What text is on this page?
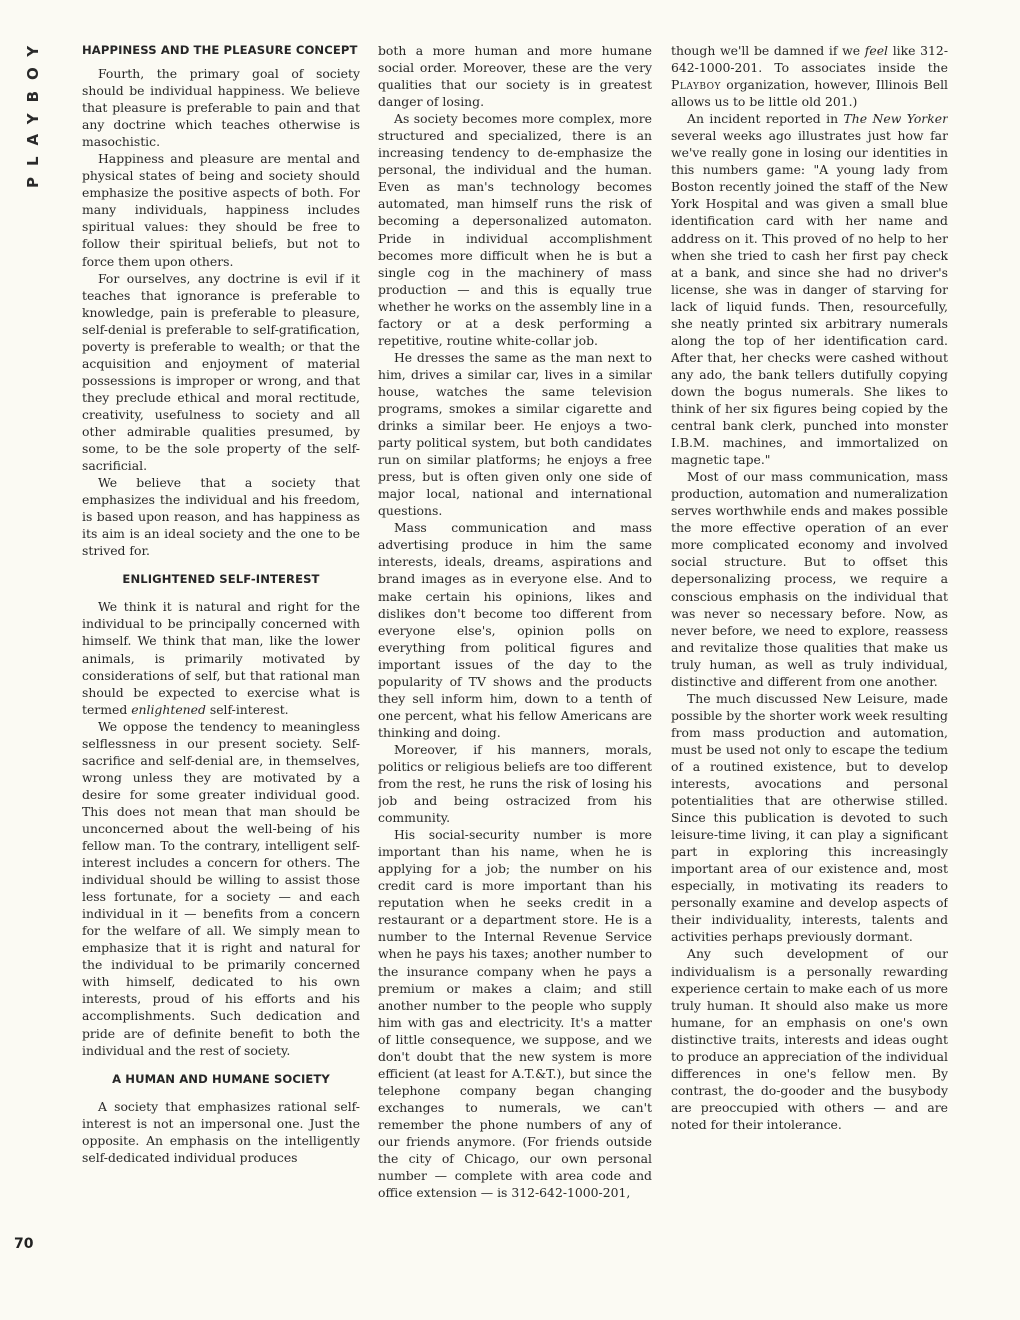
PLAYBOY
70
HAPPINESS AND THE PLEASURE CONCEPT

Fourth, the primary goal of society should be individual happiness. We believe that pleasure is preferable to pain and that any doctrine which teaches otherwise is masochistic.

Happiness and pleasure are mental and physical states of being and society should emphasize the positive aspects of both. For many individuals, happiness includes spiritual values: they should be free to follow their spiritual beliefs, but not to force them upon others.

For ourselves, any doctrine is evil if it teaches that ignorance is preferable to knowledge, pain is preferable to pleasure, self-denial is preferable to self-gratification, poverty is preferable to wealth; or that the acquisition and enjoyment of material possessions is improper or wrong, and that they preclude ethical and moral rectitude, creativity, usefulness to society and all other admirable qualities presumed, by some, to be the sole property of the self-sacrificial.

We believe that a society that emphasizes the individual and his freedom, is based upon reason, and has happiness as its aim is an ideal society and the one to be strived for.

ENLIGHTENED SELF-INTEREST

We think it is natural and right for the individual to be principally concerned with himself. We think that man, like the lower animals, is primarily motivated by considerations of self, but that rational man should be expected to exercise what is termed enlightened self-interest.

We oppose the tendency to meaningless selflessness in our present society. Self-sacrifice and self-denial are, in themselves, wrong unless they are motivated by a desire for some greater individual good. This does not mean that man should be unconcerned about the well-being of his fellow man. To the contrary, intelligent self-interest includes a concern for others. The individual should be willing to assist those less fortunate, for a society — and each individual in it — benefits from a concern for the welfare of all. We simply mean to emphasize that it is right and natural for the individual to be primarily concerned with himself, dedicated to his own interests, proud of his efforts and his accomplishments. Such dedication and pride are of definite benefit to both the individual and the rest of society.

A HUMAN AND HUMANE SOCIETY

A society that emphasizes rational self-interest is not an impersonal one. Just the opposite. An emphasis on the intelligently self-dedicated individual produces

both a more human and more humane social order. Moreover, these are the very qualities that our society is in greatest danger of losing.

As society becomes more complex, more structured and specialized, there is an increasing tendency to de-emphasize the personal, the individual and the human. Even as man's technology becomes automated, man himself runs the risk of becoming a depersonalized automaton. Pride in individual accomplishment becomes more difficult when he is but a single cog in the machinery of mass production — and this is equally true whether he works on the assembly line in a factory or at a desk performing a repetitive, routine white-collar job.

He dresses the same as the man next to him, drives a similar car, lives in a similar house, watches the same television programs, smokes a similar cigarette and drinks a similar beer. He enjoys a two-party political system, but both candidates run on similar platforms; he enjoys a free press, but is often given only one side of major local, national and international questions.

Mass communication and mass advertising produce in him the same interests, ideals, dreams, aspirations and brand images as in everyone else. And to make certain his opinions, likes and dislikes don't become too different from everyone else's, opinion polls on everything from political figures and important issues of the day to the popularity of TV shows and the products they sell inform him, down to a tenth of one percent, what his fellow Americans are thinking and doing.

Moreover, if his manners, morals, politics or religious beliefs are too different from the rest, he runs the risk of losing his job and being ostracized from his community.

His social-security number is more important than his name, when he is applying for a job; the number on his credit card is more important than his reputation when he seeks credit in a restaurant or a department store. He is a number to the Internal Revenue Service when he pays his taxes; another number to the insurance company when he pays a premium or makes a claim; and still another number to the people who supply him with gas and electricity. It's a matter of little consequence, we suppose, and we don't doubt that the new system is more efficient (at least for A.T.&T.), but since the telephone company began changing exchanges to numerals, we can't remember the phone numbers of any of our friends anymore. (For friends outside the city of Chicago, our own personal number — complete with area code and office extension — is 312-642-1000-201,

though we'll be damned if we feel like 312-642-1000-201. To associates inside the Playboy organization, however, Illinois Bell allows us to be little old 201.)

An incident reported in The New Yorker several weeks ago illustrates just how far we've really gone in losing our identities in this numbers game: "A young lady from Boston recently joined the staff of the New York Hospital and was given a small blue identification card with her name and address on it. This proved of no help to her when she tried to cash her first pay check at a bank, and since she had no driver's license, she was in danger of starving for lack of liquid funds. Then, resourcefully, she neatly printed six arbitrary numerals along the top of her identification card. After that, her checks were cashed without any ado, the bank tellers dutifully copying down the bogus numerals. She likes to think of her six figures being copied by the central bank clerk, punched into monster I.B.M. machines, and immortalized on magnetic tape."

Most of our mass communication, mass production, automation and numeralization serves worthwhile ends and makes possible the more effective operation of an ever more complicated economy and involved social structure. But to offset this depersonalizing process, we require a conscious emphasis on the individual that was never so necessary before. Now, as never before, we need to explore, reassess and revitalize those qualities that make us truly human, as well as truly individual, distinctive and different from one another.

The much discussed New Leisure, made possible by the shorter work week resulting from mass production and automation, must be used not only to escape the tedium of a routined existence, but to develop interests, avocations and personal potentialities that are otherwise stilled. Since this publication is devoted to such leisure-time living, it can play a significant part in exploring this increasingly important area of our existence and, most especially, in motivating its readers to personally examine and develop aspects of their individuality, interests, talents and activities perhaps previously dormant.

Any such development of our individualism is a personally rewarding experience certain to make each of us more truly human. It should also make us more humane, for an emphasis on one's own distinctive traits, interests and ideas ought to produce an appreciation of the individual differences in one's fellow men. By contrast, the do-gooder and the busybody are preoccupied with others — and are noted for their intolerance.
